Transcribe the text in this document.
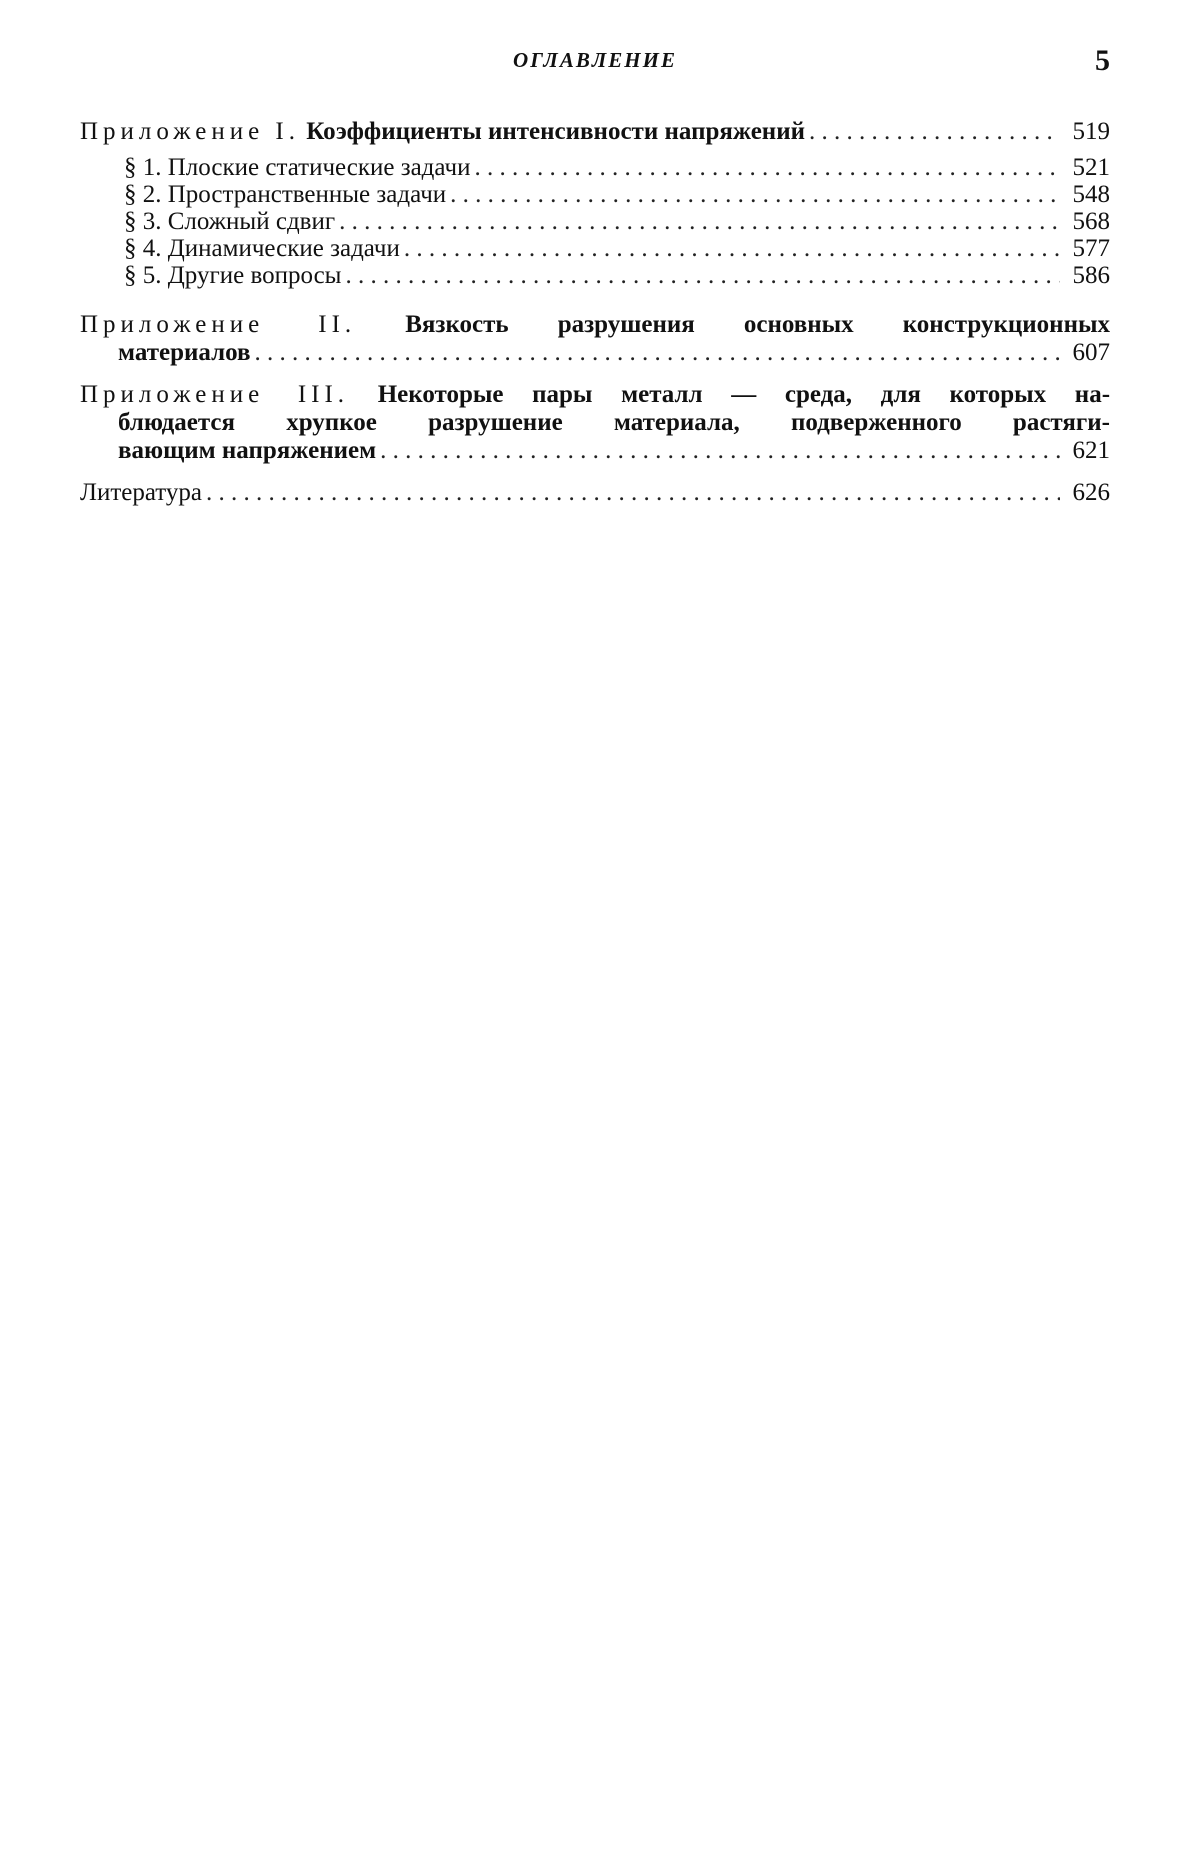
ОГЛАВЛЕНИЕ	5
Приложение I. Коэффициенты интенсивности напряжений . . .	519
§ 1. Плоские статические задачи . . .	521
§ 2. Пространственные задачи . . .	548
§ 3. Сложный сдвиг . . .	568
§ 4. Динамические задачи . . .	577
§ 5. Другие вопросы . . .	586
Приложение II. Вязкость разрушения основных конструкционных
материалов . . .	607
Приложение III. Некоторые пары металл — среда, для которых на-
блюдается хрупкое разрушение материала, подверженного растяги-
вающим напряжением . . .	621
Литература . . .	626
